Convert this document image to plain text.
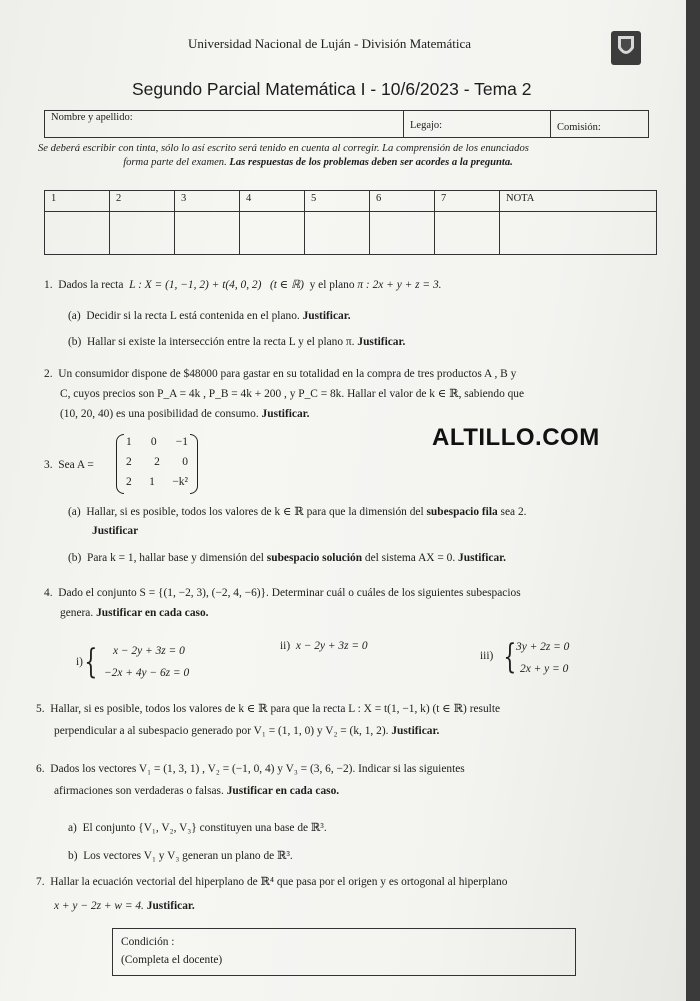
Universidad Nacional de Luján - División Matemática
Segundo Parcial Matemática I - 10/6/2023 - Tema 2
Nombre y apellido:
Legajo:	Comisión:
Se deberá escribir con tinta, sólo lo así escrito será tenido en cuenta al corregir. La comprensión de los enunciados

forma parte del examen. Las respuestas de los problemas deben ser acordes a la pregunta.
1	2	3	4	5	6	7	NOTA

1. Dados la recta L : X = (1, −1, 2) + t(4, 0, 2) (t ∈ ℝ) y el plano π : 2x + y + z = 3.
(a) Decidir si la recta L está contenida en el plano. Justificar.
(b) Hallar si existe la intersección entre la recta L y el plano π. Justificar.
2. Un consumidor dispone de $48000 para gastar en su totalidad en la compra de tres productos A , B y
C, cuyos precios son P_A = 4k , P_B = 4k + 200 , y P_C = 8k. Hallar el valor de k ∈ ℝ, sabiendo que
(10, 20, 40) es una posibilidad de consumo. Justificar.
ALTILLO.COM
3. Sea A =
1 0 −1
2 2 0
2 1 −k²
(a) Hallar, si es posible, todos los valores de k ∈ ℝ para que la dimensión del subespacio fila sea 2.
Justificar
(b) Para k = 1, hallar base y dimensión del subespacio solución del sistema AX = 0. Justificar.
4. Dado el conjunto S = {(1, −2, 3), (−2, 4, −6)}. Determinar cuál o cuáles de los siguientes subespacios
genera. Justificar en cada caso.
i) {	x − 2y + 3z = 0
−2x + 4y − 6z = 0
ii) x − 2y + 3z = 0
iii) { 3y + 2z = 0
2x + y = 0
5. Hallar, si es posible, todos los valores de k ∈ ℝ para que la recta L : X = t(1, −1, k) (t ∈ ℝ) resulte
perpendicular a al subespacio generado por V₁ = (1, 1, 0) y V₂ = (k, 1, 2). Justificar.
6. Dados los vectores V₁ = (1, 3, 1) , V₂ = (−1, 0, 4) y V₃ = (3, 6, −2). Indicar si las siguientes
afirmaciones son verdaderas o falsas. Justificar en cada caso.
a) El conjunto {V₁, V₂, V₃} constituyen una base de ℝ³.
b) Los vectores V₁ y V₃ generan un plano de ℝ³.
7. Hallar la ecuación vectorial del hiperplano de ℝ⁴ que pasa por el origen y es ortogonal al hiperplano
x + y − 2z + w = 4. Justificar.
Condición :
(Completa el docente)
